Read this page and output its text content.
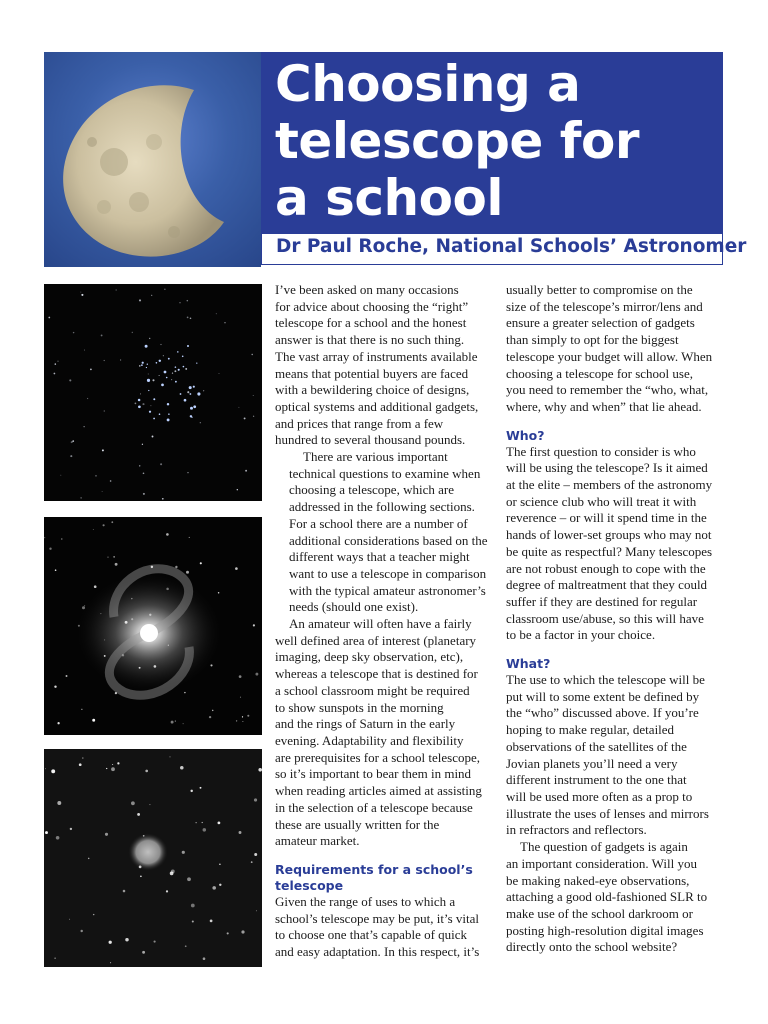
Choosing a
telescope for
a school
Dr Paul Roche, National Schools’ Astronomer

I’ve been asked on many occasions
for advice about choosing the “right”
telescope for a school and the honest
answer is that there is no such thing.
The vast array of instruments available
means that potential buyers are faced
with a bewildering choice of designs,
optical systems and additional gadgets,
and prices that range from a few
hundred to several thousand pounds.

There are various important
technical questions to examine when
choosing a telescope, which are
addressed in the following sections.
For a school there are a number of
additional considerations based on the
different ways that a teacher might
want to use a telescope in comparison
with the typical amateur astronomer’s
needs (should one exist).

An amateur will often have a fairly
well defined area of interest (planetary
imaging, deep sky observation, etc),
whereas a telescope that is destined for
a school classroom might be required
to show sunspots in the morning
and the rings of Saturn in the early
evening. Adaptability and flexibility
are prerequisites for a school telescope,
so it’s important to bear them in mind
when reading articles aimed at assisting
in the selection of a telescope because
these are usually written for the
amateur market.

Requirements for a school’s
telescope

Given the range of uses to which a
school’s telescope may be put, it’s vital
to choose one that’s capable of quick
and easy adaptation. In this respect, it’s

usually better to compromise on the
size of the telescope’s mirror/lens and
ensure a greater selection of gadgets
than simply to opt for the biggest
telescope your budget will allow. When
choosing a telescope for school use,
you need to remember the “who, what,
where, why and when” that lie ahead.

Who?

The first question to consider is who
will be using the telescope? Is it aimed
at the elite – members of the astronomy
or science club who will treat it with
reverence – or will it spend time in the
hands of lower-set groups who may not
be quite as respectful? Many telescopes
are not robust enough to cope with the
degree of maltreatment that they could
suffer if they are destined for regular
classroom use/abuse, so this will have
to be a factor in your choice.

What?

The use to which the telescope will be
put will to some extent be defined by
the “who” discussed above. If you’re
hoping to make regular, detailed
observations of the satellites of the
Jovian planets you’ll need a very
different instrument to the one that
will be used more often as a prop to
illustrate the uses of lenses and mirrors
in refractors and reflectors.

The question of gadgets is again
an important consideration. Will you
be making naked-eye observations,
attaching a good old-fashioned SLR to
make use of the school darkroom or
posting high-resolution digital images
directly onto the school website?
